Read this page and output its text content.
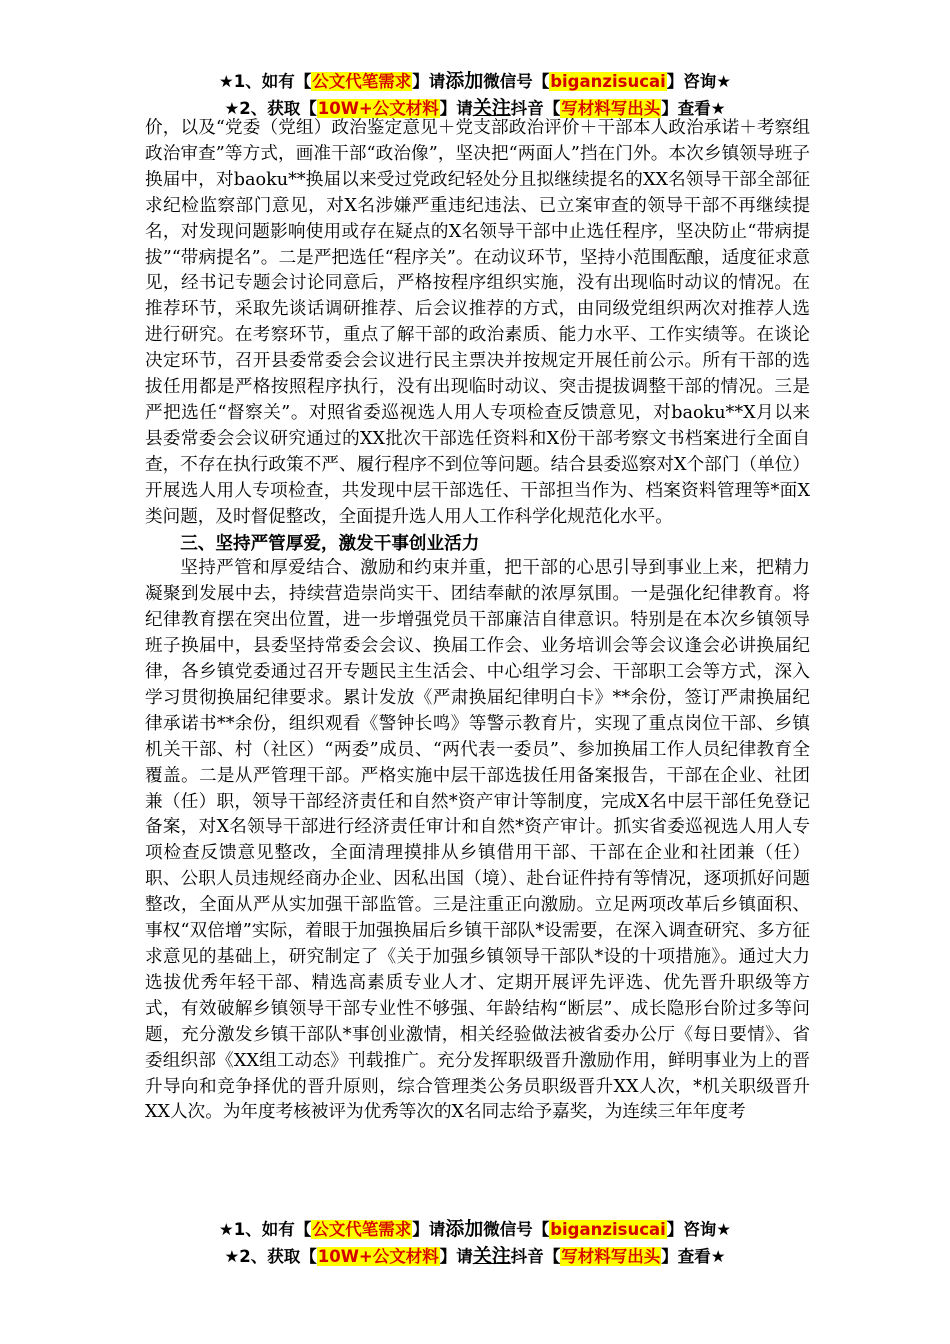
★1、如有【公文代笔需求】请添加微信号【biganzisucai】咨询★
★2、获取【10W+公文材料】请关注抖音【写材料写出头】查看★

价，以及“党委（党组）政治鉴定意见＋党支部政治评价＋干部本人政治承诺＋考察组政治审查”等方式，画准干部“政治像”，坚决把“两面人”挡在门外。本次乡镇领导班子换届中，对baoku**换届以来受过党政纪轻处分且拟继续提名的XX名领导干部全部征求纪检监察部门意见，对X名涉嫌严重违纪违法、已立案审查的领导干部不再继续提名，对发现问题影响使用或存在疑点的X名领导干部中止选任程序，坚决防止“带病提拔”“带病提名”。二是严把选任“程序关”。在动议环节，坚持小范围酝酿，适度征求意见，经书记专题会讨论同意后，严格按程序组织实施，没有出现临时动议的情况。在推荐环节，采取先谈话调研推荐、后会议推荐的方式，由同级党组织两次对推荐人选进行研究。在考察环节，重点了解干部的政治素质、能力水平、工作实绩等。在谈论决定环节，召开县委常委会会议进行民主票决并按规定开展任前公示。所有干部的选拔任用都是严格按照程序执行，没有出现临时动议、突击提拔调整干部的情况。三是严把选任“督察关”。对照省委巡视选人用人专项检查反馈意见，对baoku**X月以来县委常委会会议研究通过的XX批次干部选任资料和X份干部考察文书档案进行全面自查，不存在执行政策不严、履行程序不到位等问题。结合县委巡察对X个部门（单位）开展选人用人专项检查，共发现中层干部选任、干部担当作为、档案资料管理等*面X类问题，及时督促整改，全面提升选人用人工作科学化规范化水平。

三、坚持严管厚爱，激发干事创业活力

坚持严管和厚爱结合、激励和约束并重，把干部的心思引导到事业上来，把精力凝聚到发展中去，持续营造崇尚实干、团结奉献的浓厚氛围。一是强化纪律教育。将纪律教育摆在突出位置，进一步增强党员干部廉洁自律意识。特别是在本次乡镇领导班子换届中，县委坚持常委会会议、换届工作会、业务培训会等会议逢会必讲换届纪律，各乡镇党委通过召开专题民主生活会、中心组学习会、干部职工会等方式，深入学习贯彻换届纪律要求。累计发放《严肃换届纪律明白卡》**余份，签订严肃换届纪律承诺书**余份，组织观看《警钟长鸣》等警示教育片，实现了重点岗位干部、乡镇机关干部、村（社区）“两委”成员、“两代表一委员”、参加换届工作人员纪律教育全覆盖。二是从严管理干部。严格实施中层干部选拔任用备案报告，干部在企业、社团兼（任）职，领导干部经济责任和自然*资产审计等制度，完成X名中层干部任免登记备案，对X名领导干部进行经济责任审计和自然*资产审计。抓实省委巡视选人用人专项检查反馈意见整改，全面清理摸排从乡镇借用干部、干部在企业和社团兼（任）职、公职人员违规经商办企业、因私出国（境）、赴台证件持有等情况，逐项抓好问题整改，全面从严从实加强干部监管。三是注重正向激励。立足两项改革后乡镇面积、事权“双倍增”实际，着眼于加强换届后乡镇干部队*设需要，在深入调查研究、多方征求意见的基础上，研究制定了《关于加强乡镇领导干部队*设的十项措施》。通过大力选拔优秀年轻干部、精选高素质专业人才、定期开展评先评选、优先晋升职级等方式，有效破解乡镇领导干部专业性不够强、年龄结构“断层”、成长隐形台阶过多等问题，充分激发乡镇干部队*事创业激情，相关经验做法被省委办公厅《每日要情》、省委组织部《XX组工动态》刊载推广。充分发挥职级晋升激励作用，鲜明事业为上的晋升导向和竞争择优的晋升原则，综合管理类公务员职级晋升XX人次，*机关职级晋升XX人次。为年度考核被评为优秀等次的X名同志给予嘉奖，为连续三年年度考

★1、如有【公文代笔需求】请添加微信号【biganzisucai】咨询★
★2、获取【10W+公文材料】请关注抖音【写材料写出头】查看★
